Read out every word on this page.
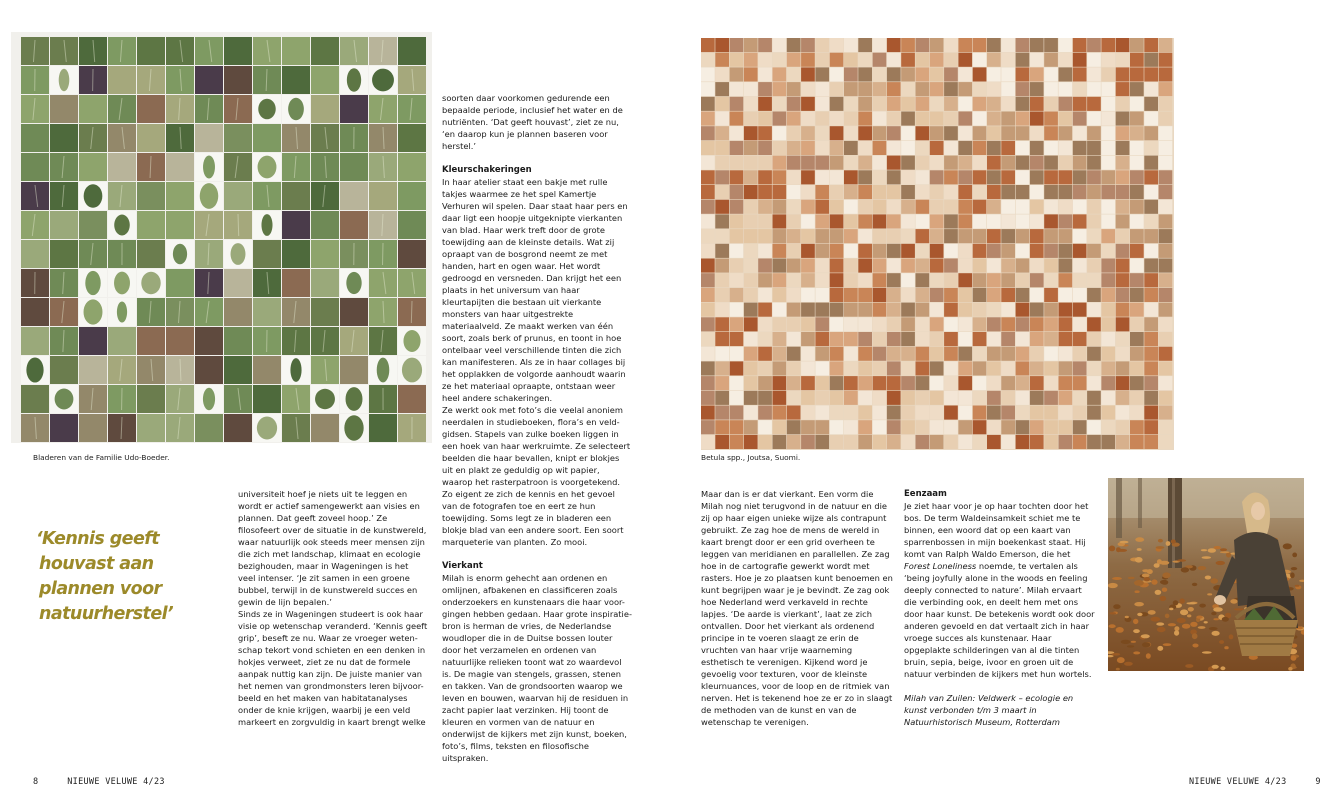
Bladeren van de Familie Udo-Boeder.
‘Kennis geeft
houvast aan
plannen voor
natuurherstel’

universiteit hoef je niets uit te leggen en wordt er actief samengewerkt aan visies en plannen. Dat geeft zoveel hoop.’ Ze filosofeert over de situatie in de kunstwereld, waar natuurlijk ook steeds meer mensen zijn die zich met landschap, klimaat en ecologie bezighouden, maar in Wageningen is het veel intenser. ‘Je zit samen in een groene bubbel, terwijl in de kunstwereld succes en gewin de lijn bepalen.’

Sinds ze in Wageningen studeert is ook haar visie op wetenschap veranderd. ‘Kennis geeft grip’, beseft ze nu. Waar ze vroeger weten-schap tekort vond schieten en een denken in hokjes verweet, ziet ze nu dat de formele aanpak nuttig kan zijn. De juiste manier van het nemen van grondmonsters leren bijvoor-beeld en het maken van habitatanalyses onder de knie krijgen, waarbij je een veld markeert en zorgvuldig in kaart brengt welke

soorten daar voorkomen gedurende een bepaalde periode, inclusief het water en de nutriënten. ‘Dat geeft houvast’, ziet ze nu, ‘en daarop kun je plannen baseren voor herstel.’

Kleurschakeringen

In haar atelier staat een bakje met rulle takjes waarmee ze het spel Kamertje Verhuren wil spelen. Daar staat haar pers en daar ligt een hoopje uitgeknipte vierkanten van blad. Haar werk treft door de grote toewijding aan de kleinste details. Wat zij opraapt van de bosgrond neemt ze met handen, hart en ogen waar. Het wordt gedroogd en versneden. Dan krijgt het een plaats in het universum van haar kleurtapijten die bestaan uit vierkante monsters van haar uitgestrekte materiaalveld. Ze maakt werken van één soort, zoals berk of prunus, en toont in hoe ontelbaar veel verschillende tinten die zich kan manifesteren. Als ze in haar collages bij het opplakken de volgorde aanhoudt waarin ze het materiaal opraapte, ontstaan weer heel andere schakeringen.

Ze werkt ook met foto’s die veelal anoniem neerdalen in studieboeken, flora’s en veld-gidsen. Stapels van zulke boeken liggen in een hoek van haar werkruimte. Ze selecteert beelden die haar bevallen, knipt er blokjes uit en plakt ze geduldig op wit papier, waarop het rasterpatroon is voorgetekend. Zo eigent ze zich de kennis en het gevoel van de fotografen toe en eert ze hun toewijding. Soms legt ze in bladeren een blokje blad van een andere soort. Een soort marqueterie van planten. Zo mooi.

Vierkant

Milah is enorm gehecht aan ordenen en omlijnen, afbakenen en classificeren zoals onderzoekers en kunstenaars die haar voor-gingen hebben gedaan. Haar grote inspiratie-bron is herman de vries, de Nederlandse woudloper die in de Duitse bossen louter door het verzamelen en ordenen van natuurlijke relieken toont wat zo waardevol is. De magie van stengels, grassen, stenen en takken. Van de grondsoorten waarop we leven en bouwen, waarvan hij de residuen in zacht papier laat verzinken. Hij toont de kleuren en vormen van de natuur en onderwijst de kijkers met zijn kunst, boeken, foto’s, films, teksten en filosofische uitspraken.

8	NIEUWE VELUWE 4/23
Betula spp., Joutsa, Suomi.

Maar dan is er dat vierkant. Een vorm die Milah nog niet terugvond in de natuur en die zij op haar eigen unieke wijze als contrapunt gebruikt. Ze zag hoe de mens de wereld in kaart brengt door er een grid overheen te leggen van meridianen en parallellen. Ze zag hoe in de cartografie gewerkt wordt met rasters. Hoe je zo plaatsen kunt benoemen en kunt begrijpen waar je je bevindt. Ze zag ook hoe Nederland werd verkaveld in rechte lapjes. ‘De aarde is vierkant’, laat ze zich ontvallen. Door het vierkant als ordenend principe in te voeren slaagt ze erin de vruchten van haar vrije waarneming esthetisch te verenigen. Kijkend word je gevoelig voor texturen, voor de kleinste kleurnuances, voor de loop en de ritmiek van nerven. Het is tekenend hoe ze er zo in slaagt de methoden van de kunst en van de wetenschap te verenigen.

Eenzaam

Je ziet haar voor je op haar tochten door het bos. De term Waldeinsamkeit schiet me te binnen, een woord dat op een kaart van sparrenbossen in mijn boekenkast staat. Hij komt van Ralph Waldo Emerson, die het Forest Loneliness noemde, te vertalen als ‘being joyfully alone in the woods en feeling deeply connected to nature’. Milah ervaart die verbinding ook, en deelt hem met ons door haar kunst. De betekenis wordt ook door anderen gevoeld en dat vertaalt zich in haar vroege succes als kunstenaar. Haar opgeplakte schilderingen van al die tinten bruin, sepia, beige, ivoor en groen uit de natuur verbinden de kijkers met hun wortels.

Milah van Zuilen: Veldwerk – ecologie en kunst verbonden t/m 3 maart in Natuurhistorisch Museum, Rotterdam

NIEUWE VELUWE 4/23	9
